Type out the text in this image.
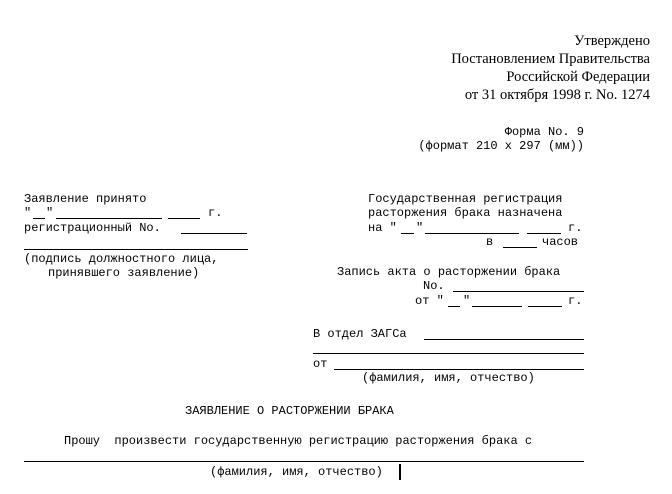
Утверждено
Постановлением Правительства
Российской Федерации
от 31 октября 1998 г. No. 1274
Форма No. 9
(формат 210 x 297 (мм))
Заявление принято
" "	г.
регистрационный No.
(подпись должностного лица,
принявшего заявление)
Государственная регистрация
расторжения брака назначена
на " "	г.
в	часов
Запись акта о расторжении брака
No.
от " "	г.
В отдел ЗАГСа
от
(фамилия, имя, отчество)
ЗАЯВЛЕНИЕ О РАСТОРЖЕНИИ БРАКА
Прошу  произвести государственную регистрацию расторжения брака с
(фамилия, имя, отчество)
